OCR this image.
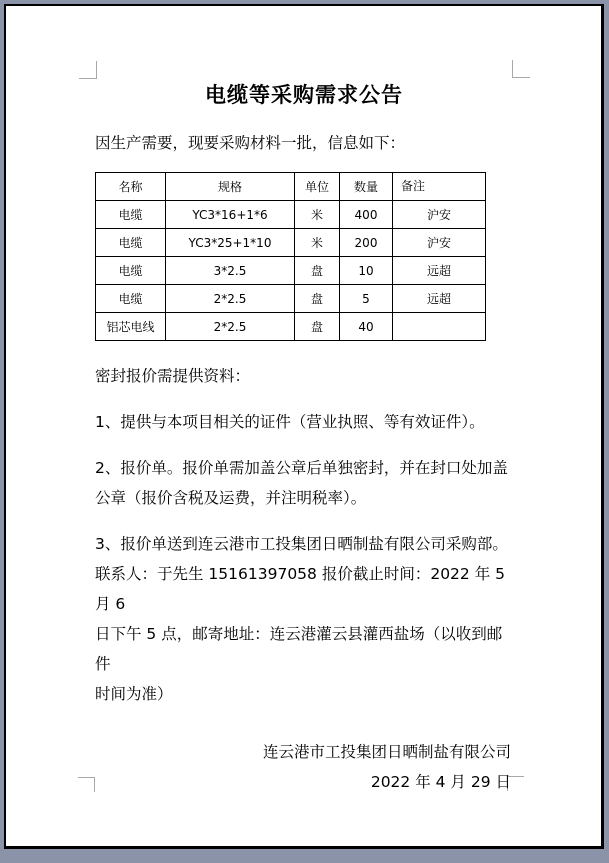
电缆等采购需求公告

因生产需要，现要采购材料一批，信息如下：

名称	规格	单位	数量	备注
电缆	YC3*16+1*6	米	400	沪安
电缆	YC3*25+1*10	米	200	沪安
电缆	3*2.5	盘	10	远超
电缆	2*2.5	盘	5	远超
铝芯电线	2*2.5	盘	40	

密封报价需提供资料：

1、提供与本项目相关的证件（营业执照、等有效证件）。
2、报价单。报价单需加盖公章后单独密封，并在封口处加盖
公章（报价含税及运费，并注明税率）。
3、报价单送到连云港市工投集团日晒制盐有限公司采购部。
联系人：于先生 15161397058 报价截止时间：2022 年 5 月 6
日下午 5 点，邮寄地址：连云港灌云县灌西盐场（以收到邮件
时间为准）
连云港市工投集团日晒制盐有限公司
2022 年 4 月 29 日
